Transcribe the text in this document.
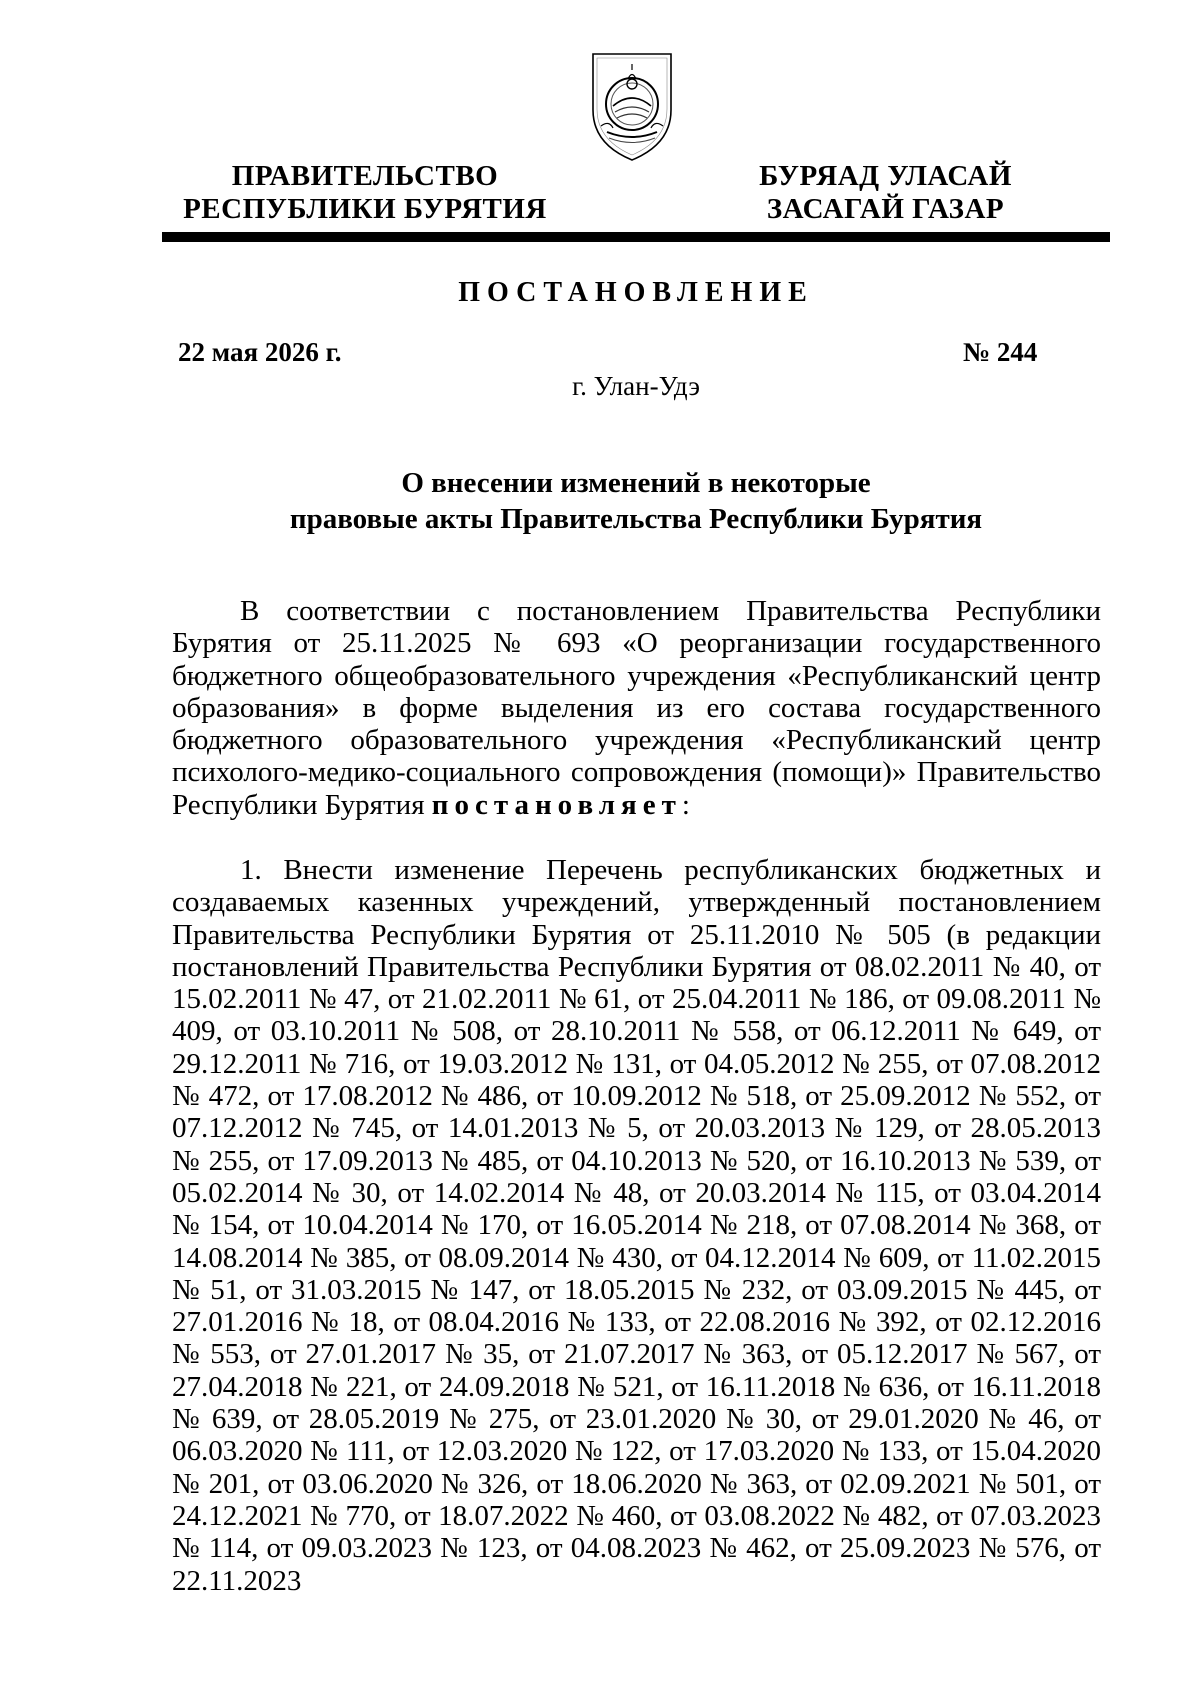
ПРАВИТЕЛЬСТВО
РЕСПУБЛИКИ БУРЯТИЯ
БУРЯАД УЛАСАЙ
ЗАСАГАЙ ГАЗАР
ПОСТАНОВЛЕНИЕ
22 мая 2026 г.	№ 244
г. Улан-Удэ
О внесении изменений в некоторые
правовые акты Правительства Республики Бурятия
В соответствии с постановлением Правительства Республики Бурятия от 25.11.2025 № 693 «О реорганизации государственного бюджетного общеобразовательного учреждения «Республиканский центр образования» в форме выделения из его состава государственного бюджетного образовательного учреждения «Республиканский центр психолого-медико-социального сопровождения (помощи)» Правительство Республики Бурятия постановляет:
1. Внести изменение Перечень республиканских бюджетных и создаваемых казенных учреждений, утвержденный постановлением Правительства Республики Бурятия от 25.11.2010 № 505 (в редакции постановлений Правительства Республики Бурятия от 08.02.2011 № 40, от 15.02.2011 № 47, от 21.02.2011 № 61, от 25.04.2011 № 186, от 09.08.2011 № 409, от 03.10.2011 № 508, от 28.10.2011 № 558, от 06.12.2011 № 649, от 29.12.2011 № 716, от 19.03.2012 № 131, от 04.05.2012 № 255, от 07.08.2012 № 472, от 17.08.2012 № 486, от 10.09.2012 № 518, от 25.09.2012 № 552, от 07.12.2012 № 745, от 14.01.2013 № 5, от 20.03.2013 № 129, от 28.05.2013 № 255, от 17.09.2013 № 485, от 04.10.2013 № 520, от 16.10.2013 № 539, от 05.02.2014 № 30, от 14.02.2014 № 48, от 20.03.2014 № 115, от 03.04.2014 № 154, от 10.04.2014 № 170, от 16.05.2014 № 218, от 07.08.2014 № 368, от 14.08.2014 № 385, от 08.09.2014 № 430, от 04.12.2014 № 609, от 11.02.2015 № 51, от 31.03.2015 № 147, от 18.05.2015 № 232, от 03.09.2015 № 445, от 27.01.2016 № 18, от 08.04.2016 № 133, от 22.08.2016 № 392, от 02.12.2016 № 553, от 27.01.2017 № 35, от 21.07.2017 № 363, от 05.12.2017 № 567, от 27.04.2018 № 221, от 24.09.2018 № 521, от 16.11.2018 № 636, от 16.11.2018 № 639, от 28.05.2019 № 275, от 23.01.2020 № 30, от 29.01.2020 № 46, от 06.03.2020 № 111, от 12.03.2020 № 122, от 17.03.2020 № 133, от 15.04.2020 № 201, от 03.06.2020 № 326, от 18.06.2020 № 363, от 02.09.2021 № 501, от 24.12.2021 № 770, от 18.07.2022 № 460, от 03.08.2022 № 482, от 07.03.2023 № 114, от 09.03.2023 № 123, от 04.08.2023 № 462, от 25.09.2023 № 576, от 22.11.2023
